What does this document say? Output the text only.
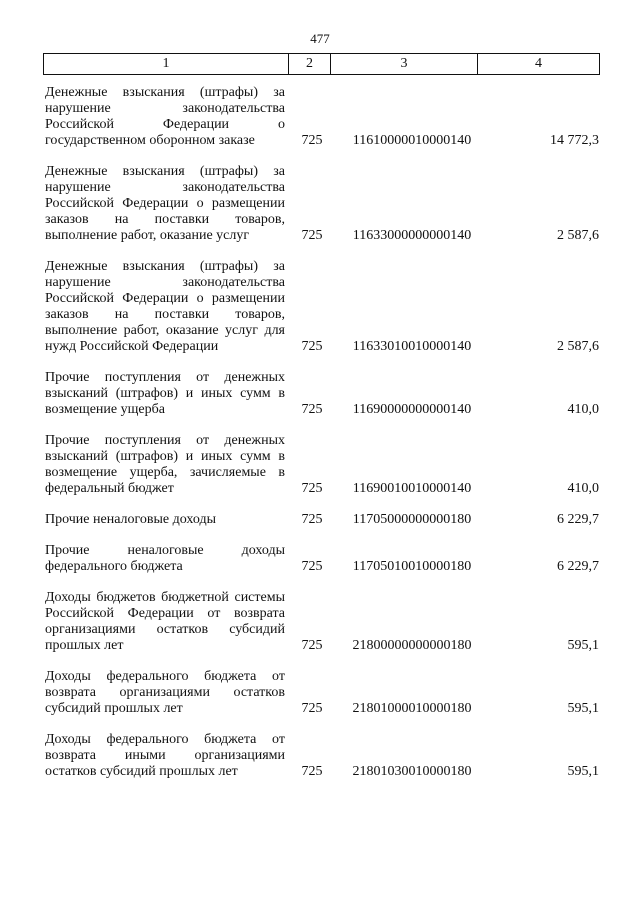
477
1	2	3	4
Денежные взыскания (штрафы) за нарушение законодательства Российской Федерации о государственном оборонном заказе	725	11610000010000140	14 772,3
Денежные взыскания (штрафы) за нарушение законодательства Российской Федерации о размещении заказов на поставки товаров, выполнение работ, оказание услуг	725	11633000000000140	2 587,6
Денежные взыскания (штрафы) за нарушение законодательства Российской Федерации о размещении заказов на поставки товаров, выполнение работ, оказание услуг для нужд Российской Федерации	725	11633010010000140	2 587,6
Прочие поступления от денежных взысканий (штрафов) и иных сумм в возмещение ущерба	725	11690000000000140	410,0
Прочие поступления от денежных взысканий (штрафов) и иных сумм в возмещение ущерба, зачисляемые в федеральный бюджет	725	11690010010000140	410,0
Прочие неналоговые доходы	725	11705000000000180	6 229,7
Прочие неналоговые доходы федерального бюджета	725	11705010010000180	6 229,7
Доходы бюджетов бюджетной системы Российской Федерации от возврата организациями остатков субсидий прошлых лет	725	21800000000000180	595,1
Доходы федерального бюджета от возврата организациями остатков субсидий прошлых лет	725	21801000010000180	595,1
Доходы федерального бюджета от возврата иными организациями остатков субсидий прошлых лет	725	21801030010000180	595,1
